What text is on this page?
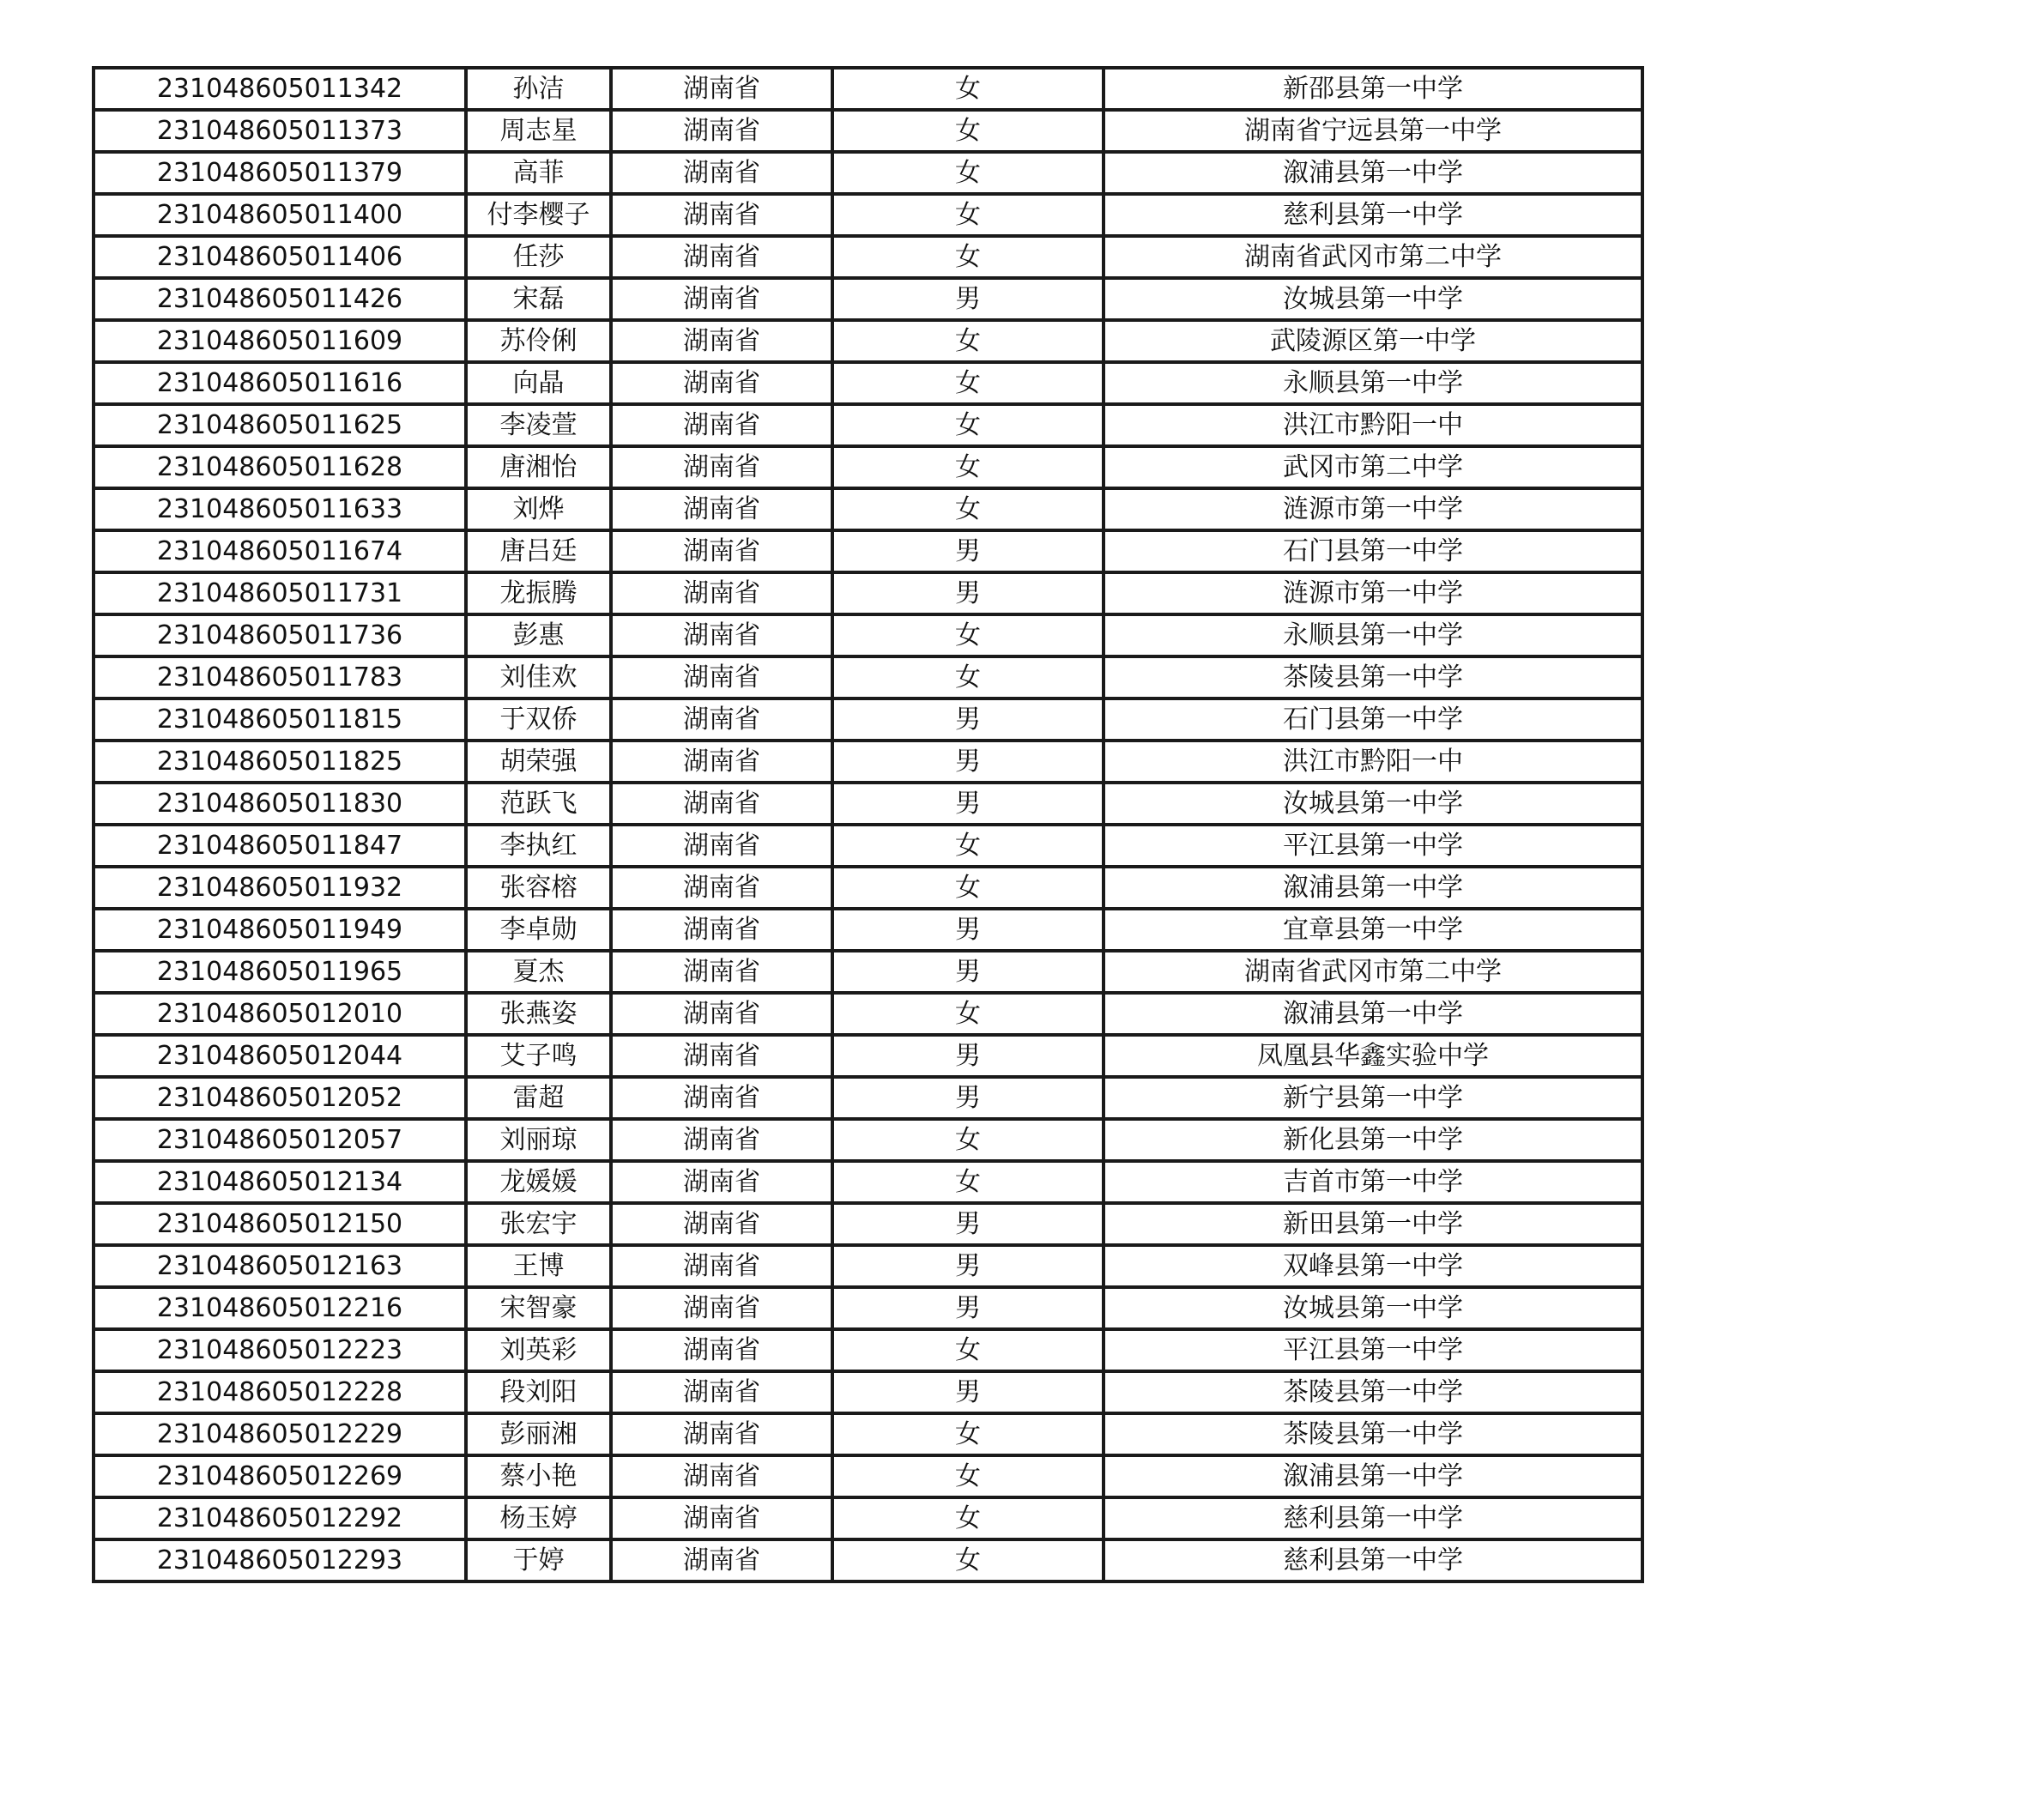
231048605011342	孙洁	湖南省	女	新邵县第一中学
231048605011373	周志星	湖南省	女	湖南省宁远县第一中学
231048605011379	高菲	湖南省	女	溆浦县第一中学
231048605011400	付李樱子	湖南省	女	慈利县第一中学
231048605011406	任莎	湖南省	女	湖南省武冈市第二中学
231048605011426	宋磊	湖南省	男	汝城县第一中学
231048605011609	苏伶俐	湖南省	女	武陵源区第一中学
231048605011616	向晶	湖南省	女	永顺县第一中学
231048605011625	李凌萱	湖南省	女	洪江市黔阳一中
231048605011628	唐湘怡	湖南省	女	武冈市第二中学
231048605011633	刘烨	湖南省	女	涟源市第一中学
231048605011674	唐吕廷	湖南省	男	石门县第一中学
231048605011731	龙振腾	湖南省	男	涟源市第一中学
231048605011736	彭惠	湖南省	女	永顺县第一中学
231048605011783	刘佳欢	湖南省	女	茶陵县第一中学
231048605011815	于双侨	湖南省	男	石门县第一中学
231048605011825	胡荣强	湖南省	男	洪江市黔阳一中
231048605011830	范跃飞	湖南省	男	汝城县第一中学
231048605011847	李执红	湖南省	女	平江县第一中学
231048605011932	张容榕	湖南省	女	溆浦县第一中学
231048605011949	李卓勋	湖南省	男	宜章县第一中学
231048605011965	夏杰	湖南省	男	湖南省武冈市第二中学
231048605012010	张燕姿	湖南省	女	溆浦县第一中学
231048605012044	艾子鸣	湖南省	男	凤凰县华鑫实验中学
231048605012052	雷超	湖南省	男	新宁县第一中学
231048605012057	刘丽琼	湖南省	女	新化县第一中学
231048605012134	龙媛媛	湖南省	女	吉首市第一中学
231048605012150	张宏宇	湖南省	男	新田县第一中学
231048605012163	王博	湖南省	男	双峰县第一中学
231048605012216	宋智豪	湖南省	男	汝城县第一中学
231048605012223	刘英彩	湖南省	女	平江县第一中学
231048605012228	段刘阳	湖南省	男	茶陵县第一中学
231048605012229	彭丽湘	湖南省	女	茶陵县第一中学
231048605012269	蔡小艳	湖南省	女	溆浦县第一中学
231048605012292	杨玉婷	湖南省	女	慈利县第一中学
231048605012293	于婷	湖南省	女	慈利县第一中学
